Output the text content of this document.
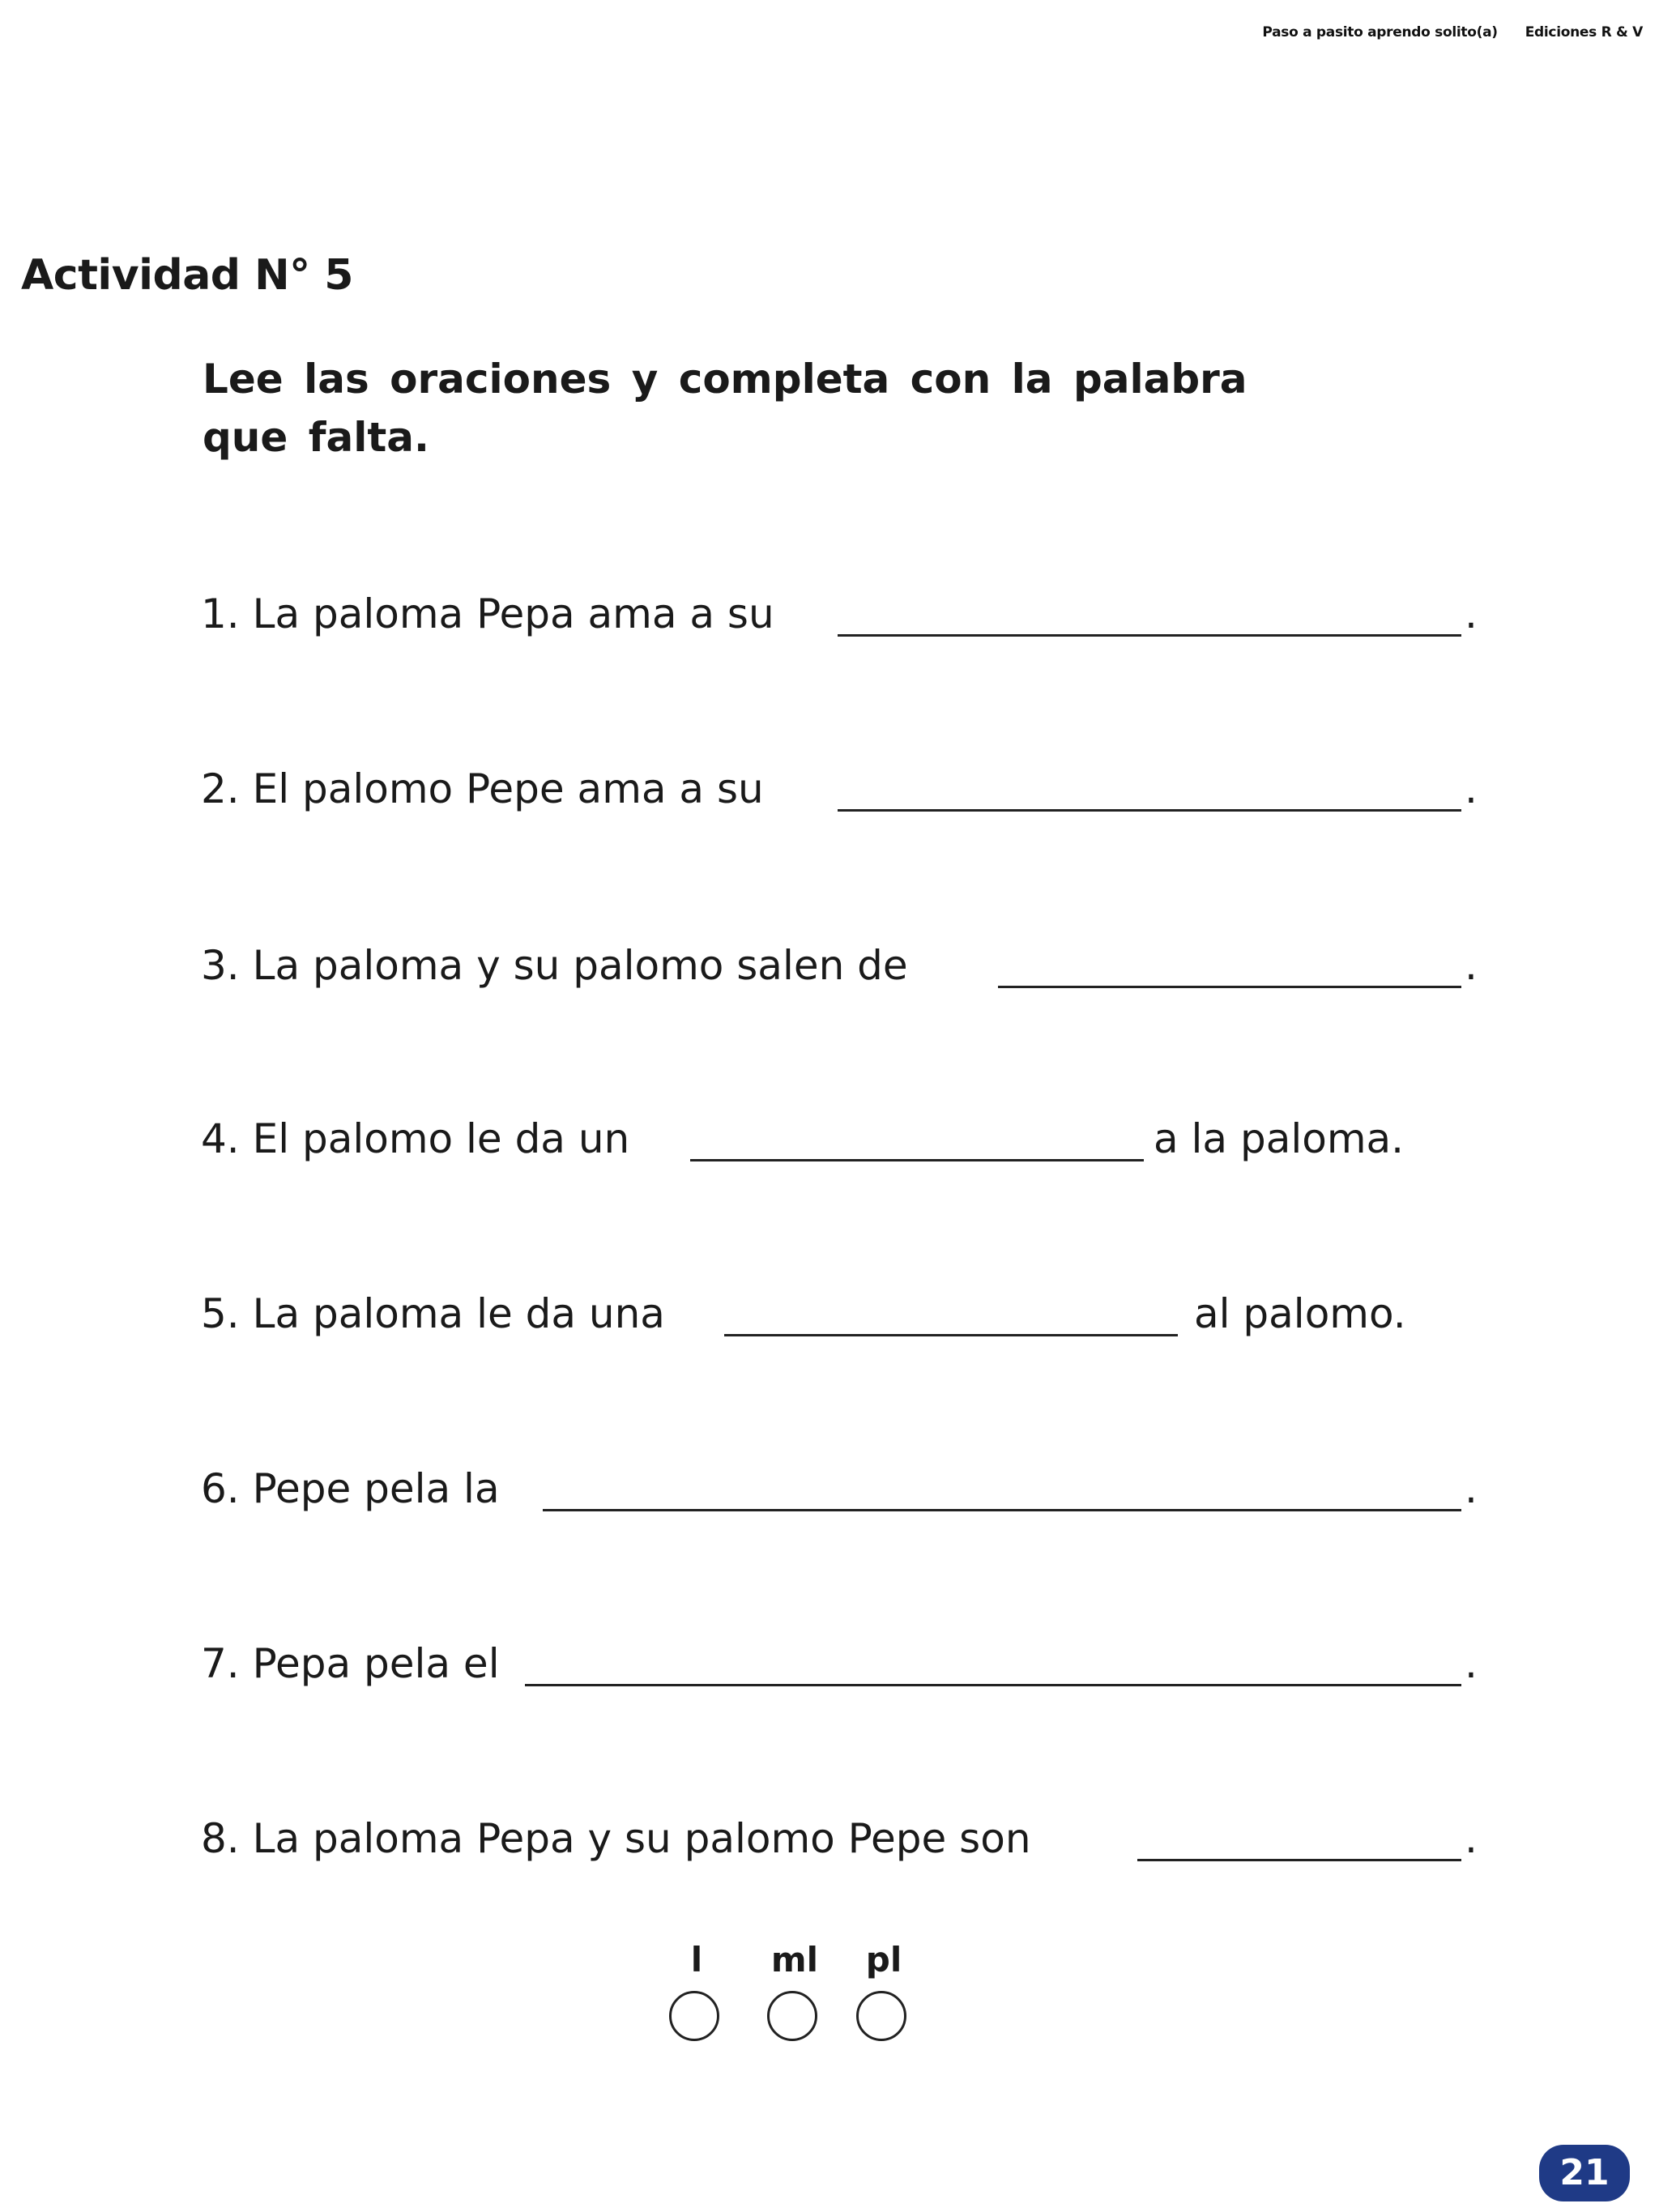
Paso a pasito aprendo solito(a) Ediciones R & V
Actividad N° 5

Lee las oraciones y completa con la palabra
que falta.

1. La paloma Pepa ama a su	.
2. El palomo Pepe ama a su	.
3. La paloma y su palomo salen de	.
4. El palomo le da un	a la paloma.
5. La paloma le da una	al palomo.
6. Pepe pela la	.
7. Pepa pela el	.
8. La paloma Pepa y su palomo Pepe son	.
l	ml	pl
21
